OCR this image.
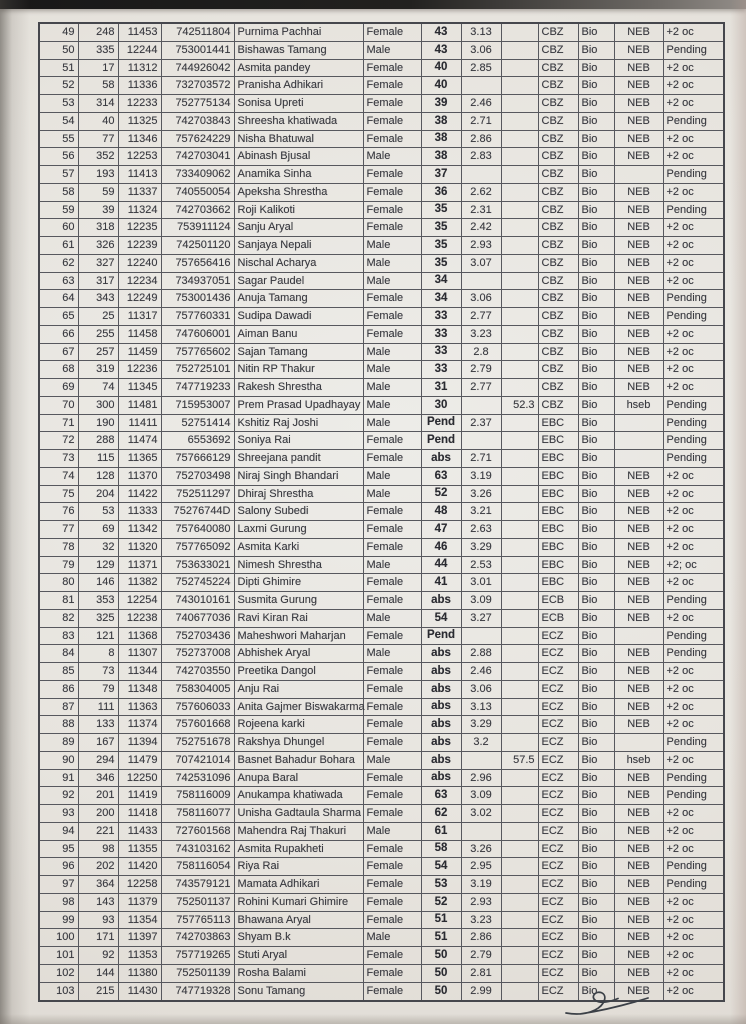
49	248	11453	742511804	Purnima Pachhai	Female	43	3.13		CBZ	Bio	NEB	+2 oc
50	335	12244	753001441	Bishawas Tamang	Male	43	3.06		CBZ	Bio	NEB	Pending
51	17	11312	744926042	Asmita pandey	Female	40	2.85		CBZ	Bio	NEB	+2 oc
52	58	11336	732703572	Pranisha Adhikari	Female	40			CBZ	Bio	NEB	+2 oc
53	314	12233	752775134	Sonisa Upreti	Female	39	2.46		CBZ	Bio	NEB	+2 oc
54	40	11325	742703843	Shreesha khatiwada	Female	38	2.71		CBZ	Bio	NEB	Pending
55	77	11346	757624229	Nisha Bhatuwal	Female	38	2.86		CBZ	Bio	NEB	+2 oc
56	352	12253	742703041	Abinash Bjusal	Male	38	2.83		CBZ	Bio	NEB	+2 oc
57	193	11413	733409062	Anamika Sinha	Female	37			CBZ	Bio		Pending
58	59	11337	740550054	Apeksha Shrestha	Female	36	2.62		CBZ	Bio	NEB	+2 oc
59	39	11324	742703662	Roji Kalikoti	Female	35	2.31		CBZ	Bio	NEB	Pending
60	318	12235	753911124	Sanju Aryal	Female	35	2.42		CBZ	Bio	NEB	+2 oc
61	326	12239	742501120	Sanjaya Nepali	Male	35	2.93		CBZ	Bio	NEB	+2 oc
62	327	12240	757656416	Nischal Acharya	Male	35	3.07		CBZ	Bio	NEB	+2 oc
63	317	12234	734937051	Sagar Paudel	Male	34			CBZ	Bio	NEB	+2 oc
64	343	12249	753001436	Anuja Tamang	Female	34	3.06		CBZ	Bio	NEB	Pending
65	25	11317	757760331	Sudipa Dawadi	Female	33	2.77		CBZ	Bio	NEB	Pending
66	255	11458	747606001	Aiman Banu	Female	33	3.23		CBZ	Bio	NEB	+2 oc
67	257	11459	757765602	Sajan Tamang	Male	33	2.8		CBZ	Bio	NEB	+2 oc
68	319	12236	752725101	Nitin RP Thakur	Male	33	2.79		CBZ	Bio	NEB	+2 oc
69	74	11345	747719233	Rakesh Shrestha	Male	31	2.77		CBZ	Bio	NEB	+2 oc
70	300	11481	715953007	Prem Prasad Upadhayay	Male	30		52.3	CBZ	Bio	hseb	Pending
71	190	11411	52751414	Kshitiz Raj Joshi	Male	Pend	2.37		EBC	Bio		Pending
72	288	11474	6553692	Soniya Rai	Female	Pend			EBC	Bio		Pending
73	115	11365	757666129	Shreejana pandit	Female	abs	2.71		EBC	Bio		Pending
74	128	11370	752703498	Niraj Singh Bhandari	Male	63	3.19		EBC	Bio	NEB	+2 oc
75	204	11422	752511297	Dhiraj Shrestha	Male	52	3.26		EBC	Bio	NEB	+2 oc
76	53	11333	75276744D	Salony Subedi	Female	48	3.21		EBC	Bio	NEB	+2 oc
77	69	11342	757640080	Laxmi Gurung	Female	47	2.63		EBC	Bio	NEB	+2 oc
78	32	11320	757765092	Asmita Karki	Female	46	3.29		EBC	Bio	NEB	+2 oc
79	129	11371	753633021	Nimesh Shrestha	Male	44	2.53		EBC	Bio	NEB	+2; oc
80	146	11382	752745224	Dipti Ghimire	Female	41	3.01		EBC	Bio	NEB	+2 oc
81	353	12254	743010161	Susmita Gurung	Female	abs	3.09		ECB	Bio	NEB	Pending
82	325	12238	740677036	Ravi Kiran Rai	Male	54	3.27		ECB	Bio	NEB	+2 oc
83	121	11368	752703436	Maheshwori Maharjan	Female	Pend			ECZ	Bio		Pending
84	8	11307	752737008	Abhishek Aryal	Male	abs	2.88		ECZ	Bio	NEB	Pending
85	73	11344	742703550	Preetika Dangol	Female	abs	2.46		ECZ	Bio	NEB	+2 oc
86	79	11348	758304005	Anju Rai	Female	abs	3.06		ECZ	Bio	NEB	+2 oc
87	111	11363	757606033	Anita Gajmer Biswakarma	Female	abs	3.13		ECZ	Bio	NEB	+2 oc
88	133	11374	757601668	Rojeena karki	Female	abs	3.29		ECZ	Bio	NEB	+2 oc
89	167	11394	752751678	Rakshya Dhungel	Female	abs	3.2		ECZ	Bio		Pending
90	294	11479	707421014	Basnet Bahadur Bohara	Male	abs		57.5	ECZ	Bio	hseb	+2 oc
91	346	12250	742531096	Anupa Baral	Female	abs	2.96		ECZ	Bio	NEB	Pending
92	201	11419	758116009	Anukampa khatiwada	Female	63	3.09		ECZ	Bio	NEB	Pending
93	200	11418	758116077	Unisha Gadtaula Sharma	Female	62	3.02		ECZ	Bio	NEB	+2 oc
94	221	11433	727601568	Mahendra Raj Thakuri	Male	61			ECZ	Bio	NEB	+2 oc
95	98	11355	743103162	Asmita Rupakheti	Female	58	3.26		ECZ	Bio	NEB	+2 oc
96	202	11420	758116054	Riya Rai	Female	54	2.95		ECZ	Bio	NEB	Pending
97	364	12258	743579121	Mamata Adhikari	Female	53	3.19		ECZ	Bio	NEB	Pending
98	143	11379	752501137	Rohini Kumari Ghimire	Female	52	2.93		ECZ	Bio	NEB	+2 oc
99	93	11354	757765113	Bhawana Aryal	Female	51	3.23		ECZ	Bio	NEB	+2 oc
100	171	11397	742703863	Shyam B.k	Male	51	2.86		ECZ	Bio	NEB	+2 oc
101	92	11353	757719265	Stuti Aryal	Female	50	2.79		ECZ	Bio	NEB	+2 oc
102	144	11380	752501139	Rosha Balami	Female	50	2.81		ECZ	Bio	NEB	+2 oc
103	215	11430	747719328	Sonu Tamang	Female	50	2.99		ECZ	Bio	NEB	+2 oc
